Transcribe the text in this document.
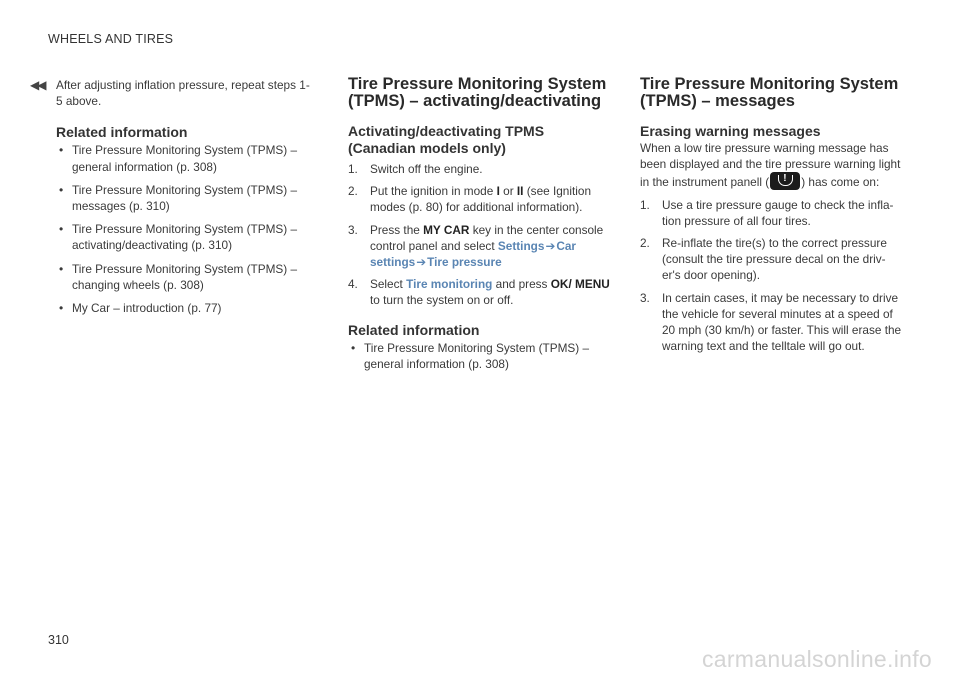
WHEELS AND TIRES
◀◀ After adjusting inflation pressure, repeat steps 1-5 above.

Related information
• Tire Pressure Monitoring System (TPMS) – general information (p. 308)
• Tire Pressure Monitoring System (TPMS) – messages (p. 310)
• Tire Pressure Monitoring System (TPMS) – activating/deactivating (p. 310)
• Tire Pressure Monitoring System (TPMS) – changing wheels (p. 308)
• My Car – introduction (p. 77)
Tire Pressure Monitoring System (TPMS) – activating/deactivating
Activating/deactivating TPMS (Canadian models only)
1. Switch off the engine.
2. Put the ignition in mode I or II (see Ignition modes (p. 80) for additional information).
3. Press the MY CAR key in the center console control panel and select Settings➔Car settings➔Tire pressure
4. Select Tire monitoring and press OK/ MENU to turn the system on or off.
Related information
• Tire Pressure Monitoring System (TPMS) – general information (p. 308)
Tire Pressure Monitoring System (TPMS) – messages
Erasing warning messages

When a low tire pressure warning message has been displayed and the tire pressure warning light in the instrument panell (!	) has come on:

1. Use a tire pressure gauge to check the infla- tion pressure of all four tires.
2. Re-inflate the tire(s) to the correct pressure (consult the tire pressure decal on the driv- er's door opening).
3. In certain cases, it may be necessary to drive the vehicle for several minutes at a speed of 20 mph (30 km/h) or faster. This will erase the warning text and the telltale will go out.
310
carmanualsonline.info
